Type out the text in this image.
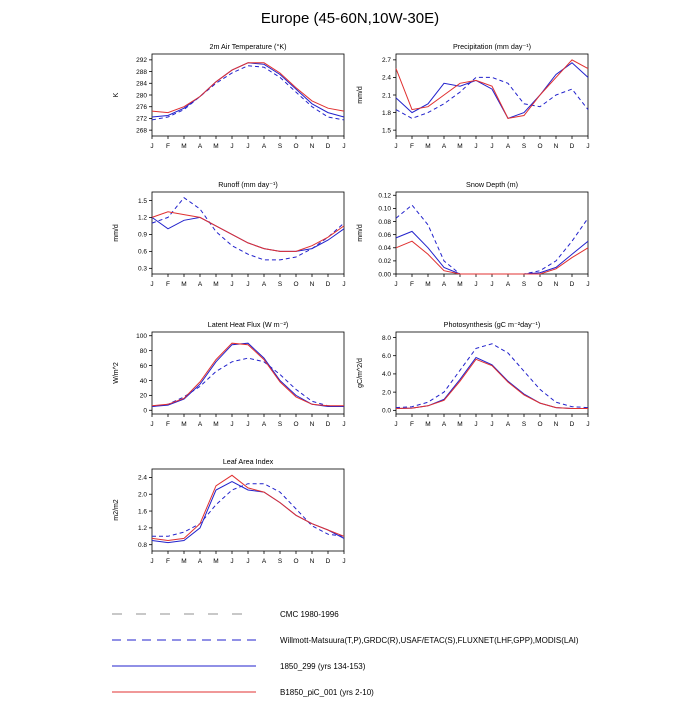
Europe (45-60N,10W-30E)
2m Air Temperature (°K)
K
268
272
276
280
284
288
292
J F M A M J J A S O N D J
Precipitation (mm day⁻¹)
mm/d
1.5
1.8
2.1
2.4
2.7
J F M A M J J A S O N D J
Runoff (mm day⁻¹)
mm/d
0.3
0.6
0.9
1.2
1.5
J F M A M J J A S O N D J
Snow Depth (m)
mm/d
0.00
0.02
0.04
0.06
0.08
0.10
0.12
J F M A M J J A S O N D J
Latent Heat Flux (W m⁻²)
W/m^2
0
20
40
60
80
100
J F M A M J J A S O N D J
Photosynthesis (gC m⁻²day⁻¹)
gC/m^2/d
0.0
2.0
4.0
6.0
8.0
J F M A M J J A S O N D J
Leaf Area Index
m2/m2
0.8
1.2
1.6
2.0
2.4
J F M A M J J A S O N D J
CMC 1980-1996
Willmott-Matsuura(T,P),GRDC(R),USAF/ETAC(S),FLUXNET(LHF,GPP),MODIS(LAI)
1850_299 (yrs 134-153)
B1850_piC_001 (yrs 2-10)
